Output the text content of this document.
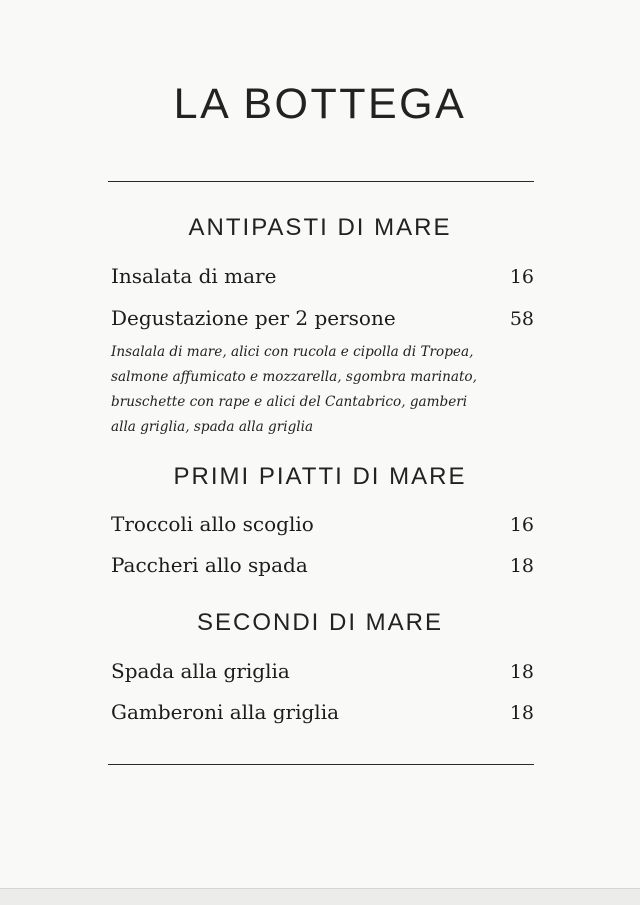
LA BOTTEGA
ANTIPASTI DI MARE
Insalata di mare	16
Degustazione per 2 persone	58
Insalala di mare, alici con rucola e cipolla di Tropea,
salmone affumicato e mozzarella, sgombra marinato,
bruschette con rape e alici del Cantabrico, gamberi
alla griglia, spada alla griglia
PRIMI PIATTI DI MARE
Troccoli allo scoglio	16
Paccheri allo spada	18
SECONDI DI MARE
Spada alla griglia	18
Gamberoni alla griglia	18
